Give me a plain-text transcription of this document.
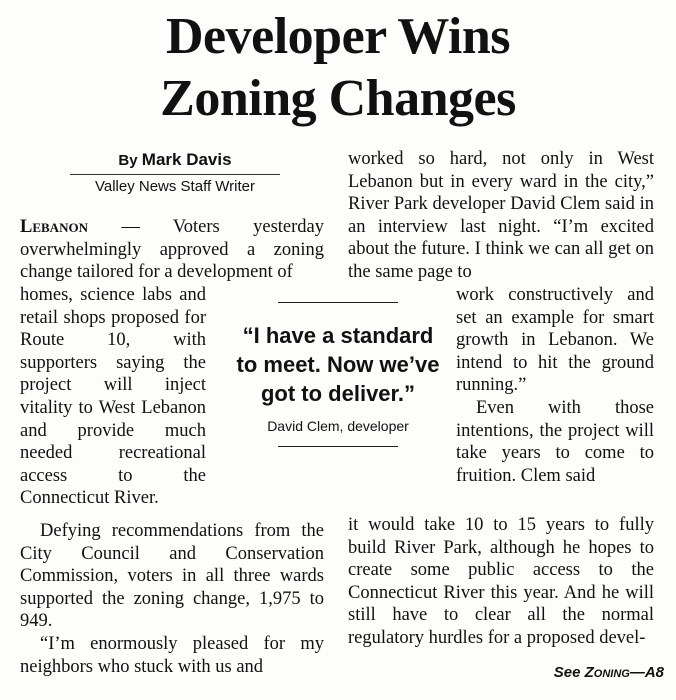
Developer Wins
Zoning Changes
By Mark Davis
Valley News Staff Writer

Lebanon — Voters yesterday overwhelmingly approved a zoning change tailored for a development of

homes, science labs and retail shops proposed for Route 10, with supporters saying the project will inject vitality to West Lebanon and provide much needed recreational access to the Connecticut River.

Defying recommendations from the City Council and Conservation Commission, voters in all three wards supported the zoning change, 1,975 to 949.

“I’m enormously pleased for my neighbors who stuck with us and

worked so hard, not only in West Lebanon but in every ward in the city,” River Park developer David Clem said in an interview last night. “I’m excited about the future. I think we can all get on the same page to

work constructively and set an example for smart growth in Lebanon. We intend to hit the ground running.”

Even with those intentions, the project will take years to come to fruition. Clem said

it would take 10 to 15 years to fully build River Park, although he hopes to create some public access to the Connecticut River this year. And he will still have to clear all the normal regulatory hurdles for a proposed devel-

“I have a standard to meet. Now we’ve got to deliver.”
David Clem, developer
See Zoning—A8
